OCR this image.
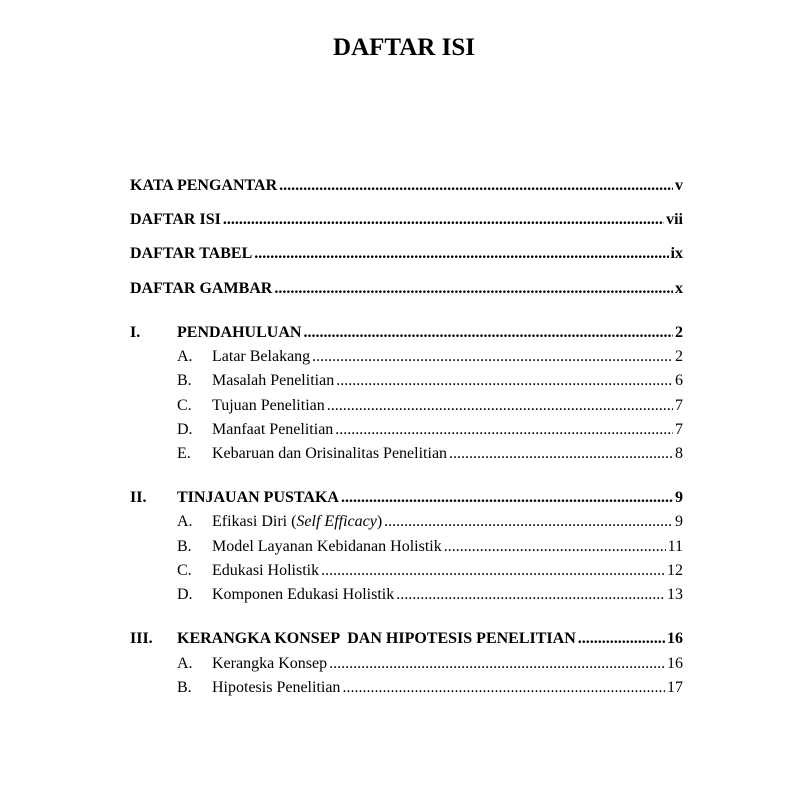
DAFTAR ISI
KATA PENGANTAR .....	v
DAFTAR ISI .....	vii
DAFTAR TABEL .....	ix
DAFTAR GAMBAR .....	x
I.	PENDAHULUAN .....	2
A.	Latar Belakang .....	2
B.	Masalah Penelitian .....	6
C.	Tujuan Penelitian .....	7
D.	Manfaat Penelitian .....	7
E.	Kebaruan dan Orisinalitas Penelitian .....	8
II.	TINJAUAN PUSTAKA .....	9
A.	Efikasi Diri (Self Efficacy) .....	9
B.	Model Layanan Kebidanan Holistik .....	11
C.	Edukasi Holistik .....	12
D.	Komponen Edukasi Holistik .....	13
III.	KERANGKA KONSEP  DAN HIPOTESIS PENELITIAN .....	16
A.	Kerangka Konsep .....	16
B.	Hipotesis Penelitian .....	17
